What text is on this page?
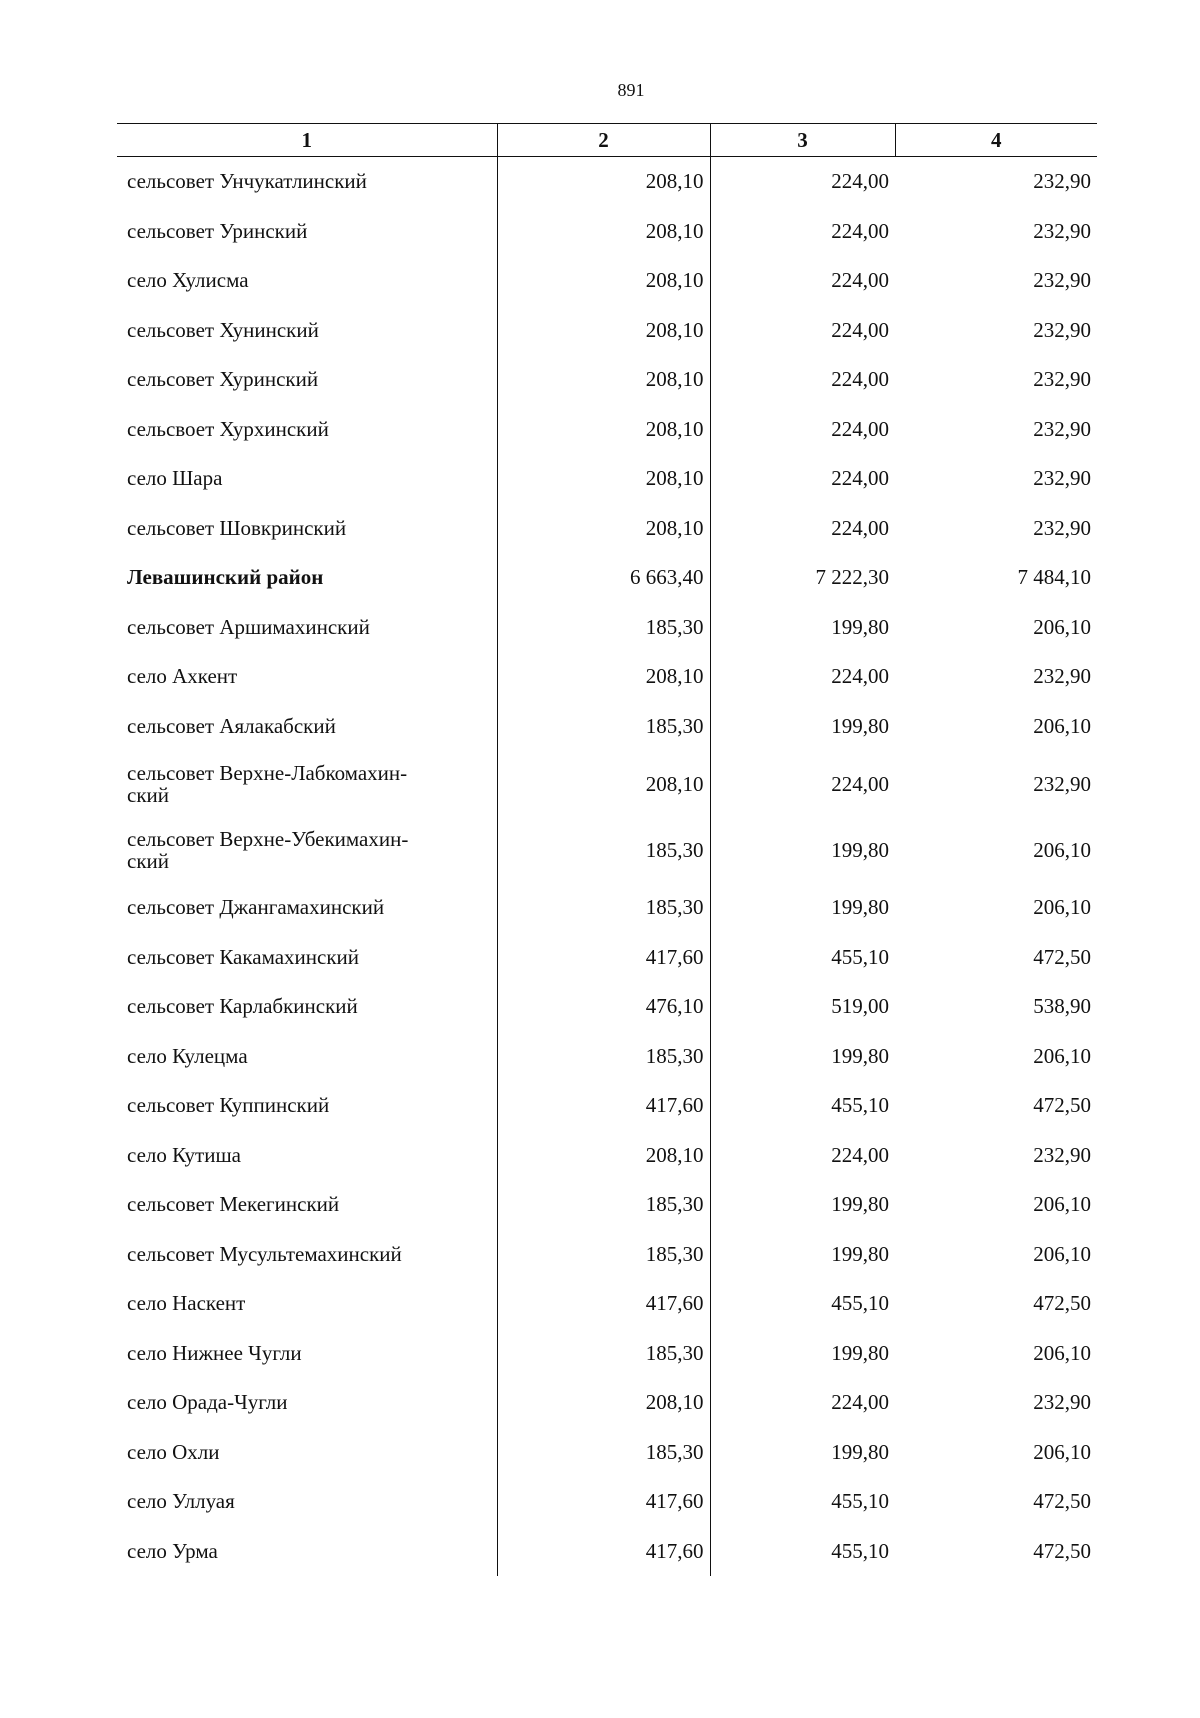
891
1	2	3	4
сельсовет Унчукатлинский	208,10	224,00	232,90
сельсовет Уринский	208,10	224,00	232,90
село Хулисма	208,10	224,00	232,90
сельсовет Хунинский	208,10	224,00	232,90
сельсовет Хуринский	208,10	224,00	232,90
сельсвоет Хурхинский	208,10	224,00	232,90
село Шара	208,10	224,00	232,90
сельсовет Шовкринский	208,10	224,00	232,90
Левашинский район	6 663,40	7 222,30	7 484,10
сельсовет Аршимахинский	185,30	199,80	206,10
село Ахкент	208,10	224,00	232,90
сельсовет Аялакабский	185,30	199,80	206,10
сельсовет Верхне-Лабкомахин-
ский	208,10	224,00	232,90
сельсовет Верхне-Убекимахин-
ский	185,30	199,80	206,10
сельсовет Джангамахинский	185,30	199,80	206,10
сельсовет Какамахинский	417,60	455,10	472,50
сельсовет Карлабкинский	476,10	519,00	538,90
село Кулецма	185,30	199,80	206,10
сельсовет Куппинский	417,60	455,10	472,50
село Кутиша	208,10	224,00	232,90
сельсовет Мекегинский	185,30	199,80	206,10
сельсовет Мусультемахинский	185,30	199,80	206,10
село Наскент	417,60	455,10	472,50
село Нижнее Чугли	185,30	199,80	206,10
село Орада-Чугли	208,10	224,00	232,90
село Охли	185,30	199,80	206,10
село Уллуая	417,60	455,10	472,50
село Урма	417,60	455,10	472,50
